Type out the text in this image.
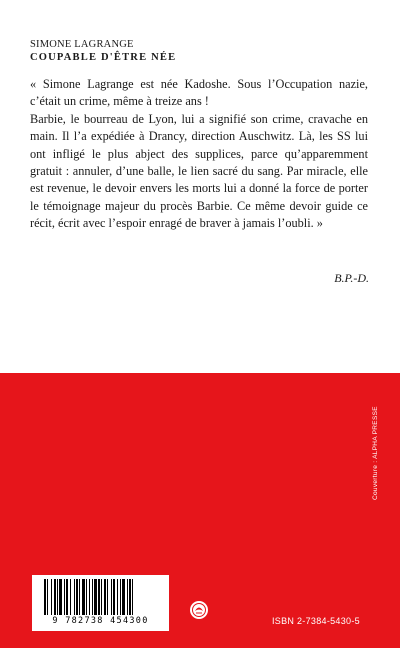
SIMONE LAGRANGE
COUPABLE D'ÊTRE NÉE

« Simone Lagrange est née Kadoshe. Sous l’Occupation nazie, c’était un crime, même à treize ans !

Barbie, le bourreau de Lyon, lui a signifié son crime, cravache en main. Il l’a expédiée à Drancy, direction Auschwitz. Là, les SS lui ont infligé le plus abject des supplices, parce qu’apparemment gratuit : annuler, d’une balle, le lien sacré du sang. Par miracle, elle est revenue, le devoir envers les morts lui a donné la force de porter le témoignage majeur du procès Barbie. Ce même devoir guide ce récit, écrit avec l’espoir enragé de braver à jamais l’oubli. »

B.P.-D.
9 782738 454300	ISBN 2-7384-5430-5
Couverture : ALPHA PRESSE
